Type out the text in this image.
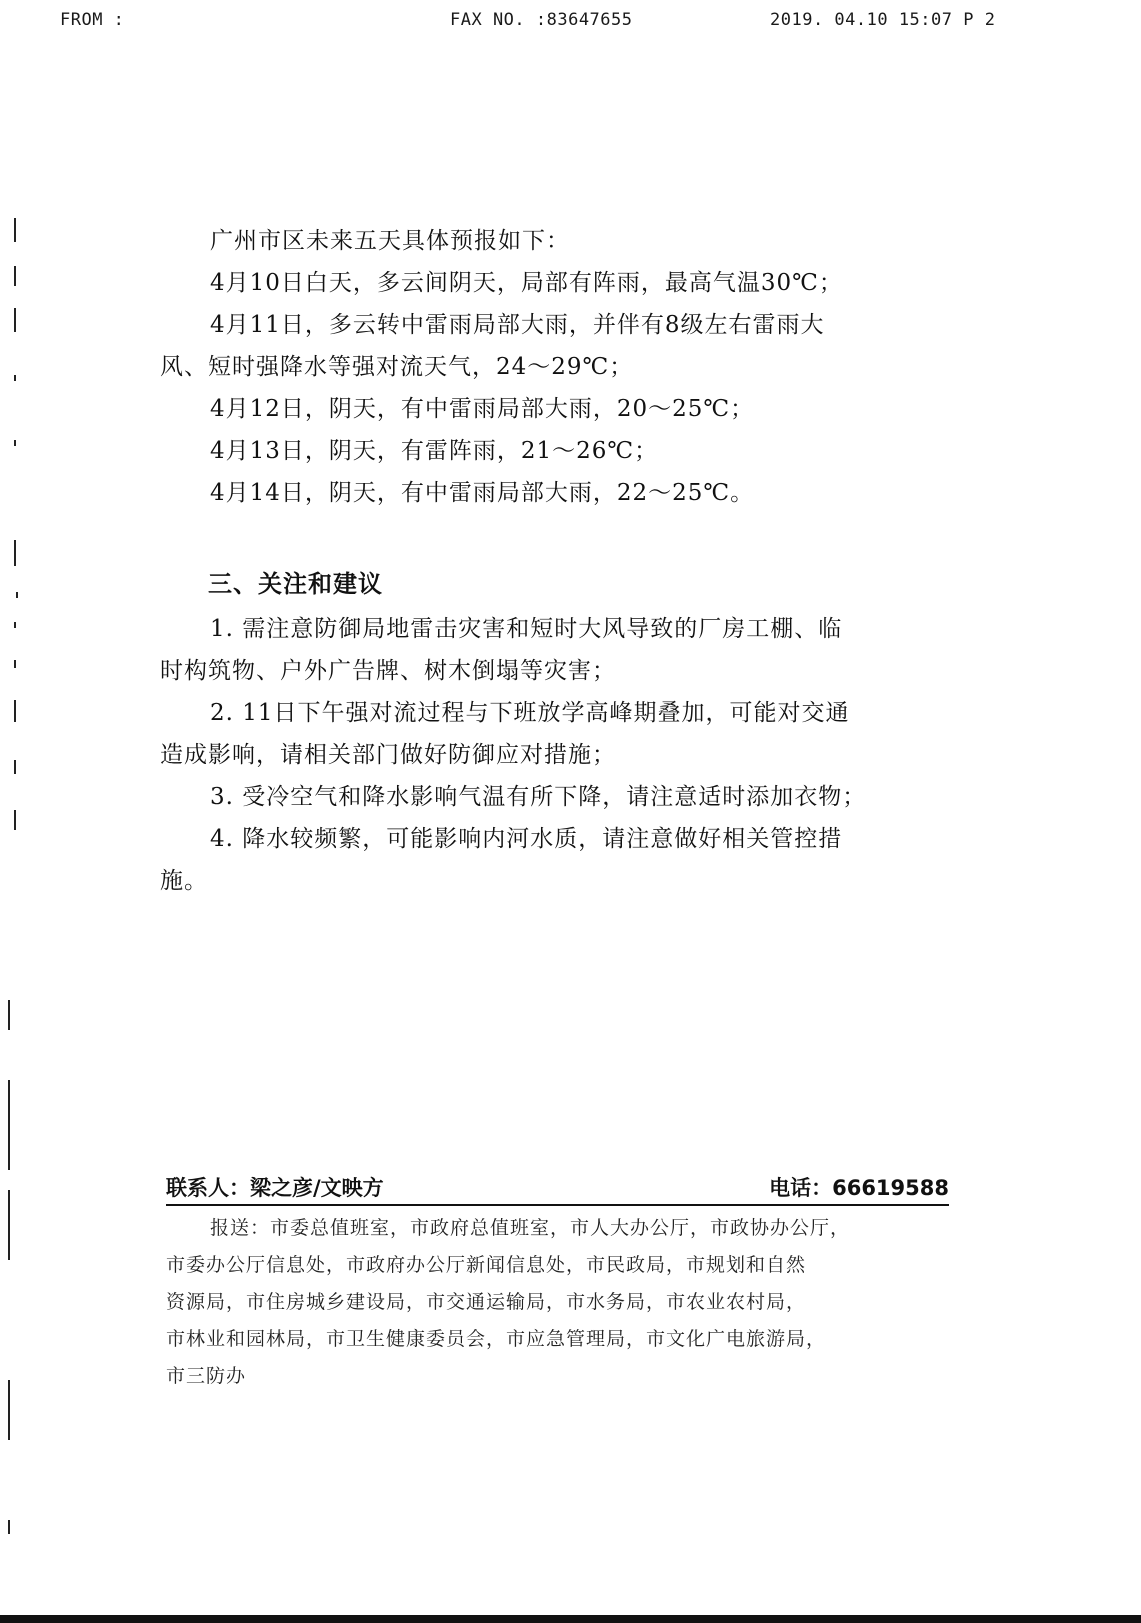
FROM :	FAX NO. :83647655	2019. 04.10 15:07 P 2
广州市区未来五天具体预报如下：
4月10日白天，多云间阴天，局部有阵雨，最高气温30℃；
4月11日，多云转中雷雨局部大雨，并伴有8级左右雷雨大
风、短时强降水等强对流天气，24～29℃；
4月12日，阴天，有中雷雨局部大雨，20～25℃；
4月13日，阴天，有雷阵雨，21～26℃；
4月14日，阴天，有中雷雨局部大雨，22～25℃。
三、关注和建议
1. 需注意防御局地雷击灾害和短时大风导致的厂房工棚、临
时构筑物、户外广告牌、树木倒塌等灾害；
2. 11日下午强对流过程与下班放学高峰期叠加，可能对交通
造成影响，请相关部门做好防御应对措施；
3. 受冷空气和降水影响气温有所下降，请注意适时添加衣物；
4. 降水较频繁，可能影响内河水质，请注意做好相关管控措
施。
联系人：梁之彦/文映方	电话：66619588
报送：市委总值班室，市政府总值班室，市人大办公厅，市政协办公厅，
市委办公厅信息处，市政府办公厅新闻信息处，市民政局，市规划和自然
资源局，市住房城乡建设局，市交通运输局，市水务局，市农业农村局，
市林业和园林局，市卫生健康委员会，市应急管理局，市文化广电旅游局，
市三防办
